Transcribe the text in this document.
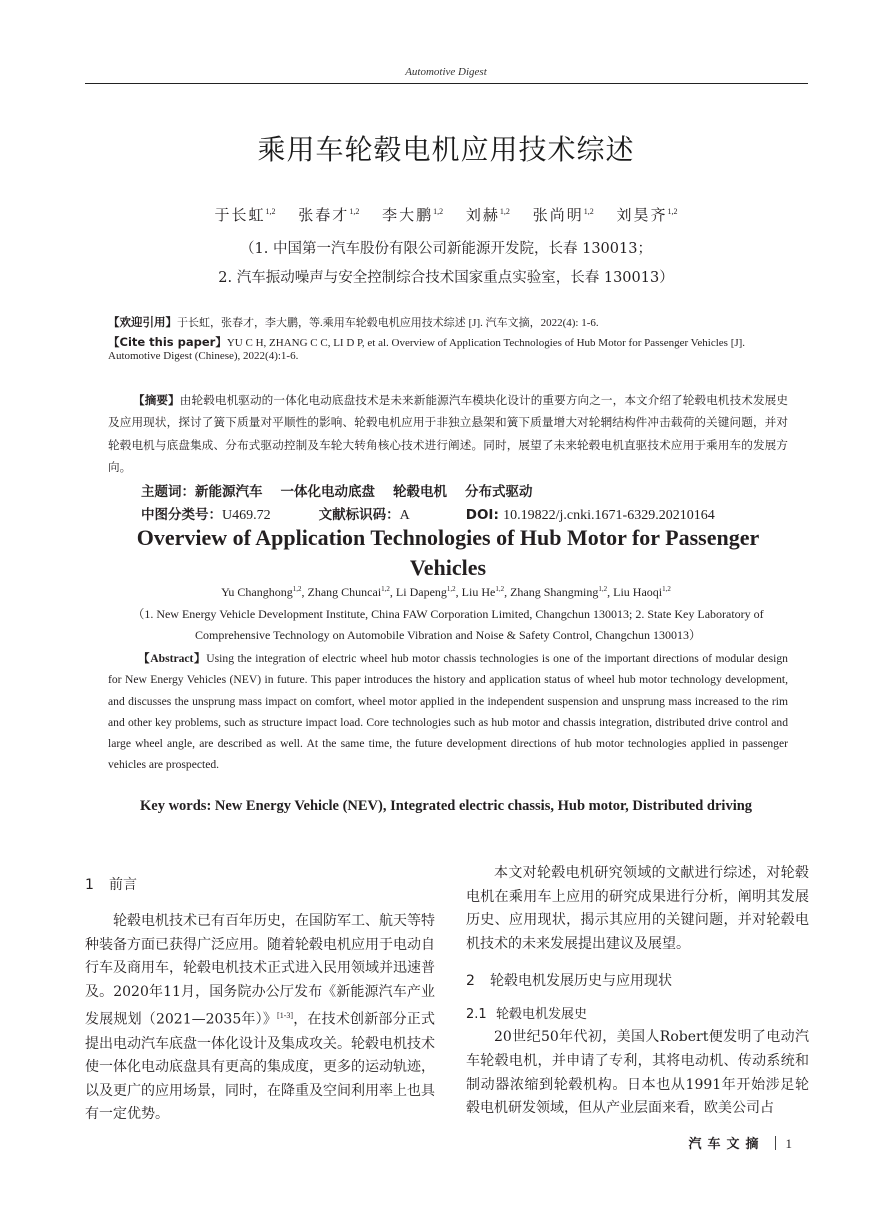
Automotive Digest
乘用车轮毂电机应用技术综述
于长虹$^{1,2}$ 张春才$^{1,2}$ 李大鹏$^{1,2}$ 刘赫$^{1,2}$ 张尚明$^{1,2}$ 刘昊齐$^{1,2}$
（1. 中国第一汽车股份有限公司新能源开发院，长春 130013；
2. 汽车振动噪声与安全控制综合技术国家重点实验室，长春 130013）
【欢迎引用】于长虹，张春才，李大鹏，等.乘用车轮毂电机应用技术综述 [J]. 汽车文摘，2022(4): 1-6.
【Cite this paper】YU C H, ZHANG C C, LI D P, et al. Overview of Application Technologies of Hub Motor for Passenger Vehicles [J]. Automotive Digest (Chinese), 2022(4):1-6.
【摘要】由轮毂电机驱动的一体化电动底盘技术是未来新能源汽车模块化设计的重要方向之一，本文介绍了轮毂电机技术发展史及应用现状，探讨了簧下质量对平顺性的影响、轮毂电机应用于非独立悬架和簧下质量增大对轮辋结构件冲击载荷的关键问题，并对轮毂电机与底盘集成、分布式驱动控制及车轮大转角核心技术进行阐述。同时，展望了未来轮毂电机直驱技术应用于乘用车的发展方向。
主题词：新能源汽车 一体化电动底盘 轮毂电机 分布式驱动
中图分类号：U469.72	文献标识码：A	DOI: 10.19822/j.cnki.1671-6329.20210164
Overview of Application Technologies of Hub Motor for Passenger Vehicles
Yu Changhong$^{1,2}$, Zhang Chuncai$^{1,2}$, Li Dapeng$^{1,2}$, Liu He$^{1,2}$, Zhang Shangming$^{1,2}$, Liu Haoqi$^{1,2}$
（1. New Energy Vehicle Development Institute, China FAW Corporation Limited, Changchun 130013; 2. State Key Laboratory of Comprehensive Technology on Automobile Vibration and Noise & Safety Control, Changchun 130013）
【Abstract】Using the integration of electric wheel hub motor chassis technologies is one of the important directions of modular design for New Energy Vehicles (NEV) in future. This paper introduces the history and application status of wheel hub motor technology development, and discusses the unsprung mass impact on comfort, wheel motor applied in the independent suspension and unsprung mass increased to the rim and other key problems, such as structure impact load. Core technologies such as hub motor and chassis integration, distributed drive control and large wheel angle, are described as well. At the same time, the future development directions of hub motor technologies applied in passenger vehicles are prospected.
Key words: New Energy Vehicle (NEV), Integrated electric chassis, Hub motor, Distributed driving
1 前言

轮毂电机技术已有百年历史，在国防军工、航天等特种装备方面已获得广泛应用。随着轮毂电机应用于电动自行车及商用车，轮毂电机技术正式进入民用领域并迅速普及。2020年11月，国务院办公厅发布《新能源汽车产业发展规划（2021—2035年）》[1-3]，在技术创新部分正式提出电动汽车底盘一体化设计及集成攻关。轮毂电机技术使一体化电动底盘具有更高的集成度，更多的运动轨迹，以及更广的应用场景，同时，在降重及空间利用率上也具有一定优势。

本文对轮毂电机研究领域的文献进行综述，对轮毂电机在乘用车上应用的研究成果进行分析，阐明其发展历史、应用现状，揭示其应用的关键问题，并对轮毂电机技术的未来发展提出建议及展望。

2 轮毂电机发展历史与应用现状
2.1 轮毂电机发展史

20世纪50年代初，美国人Robert便发明了电动汽车轮毂电机，并申请了专利，其将电动机、传动系统和制动器浓缩到轮毂机构。日本也从1991年开始涉足轮毂电机研发领域，但从产业层面来看，欧美公司占

汽车文摘 1
